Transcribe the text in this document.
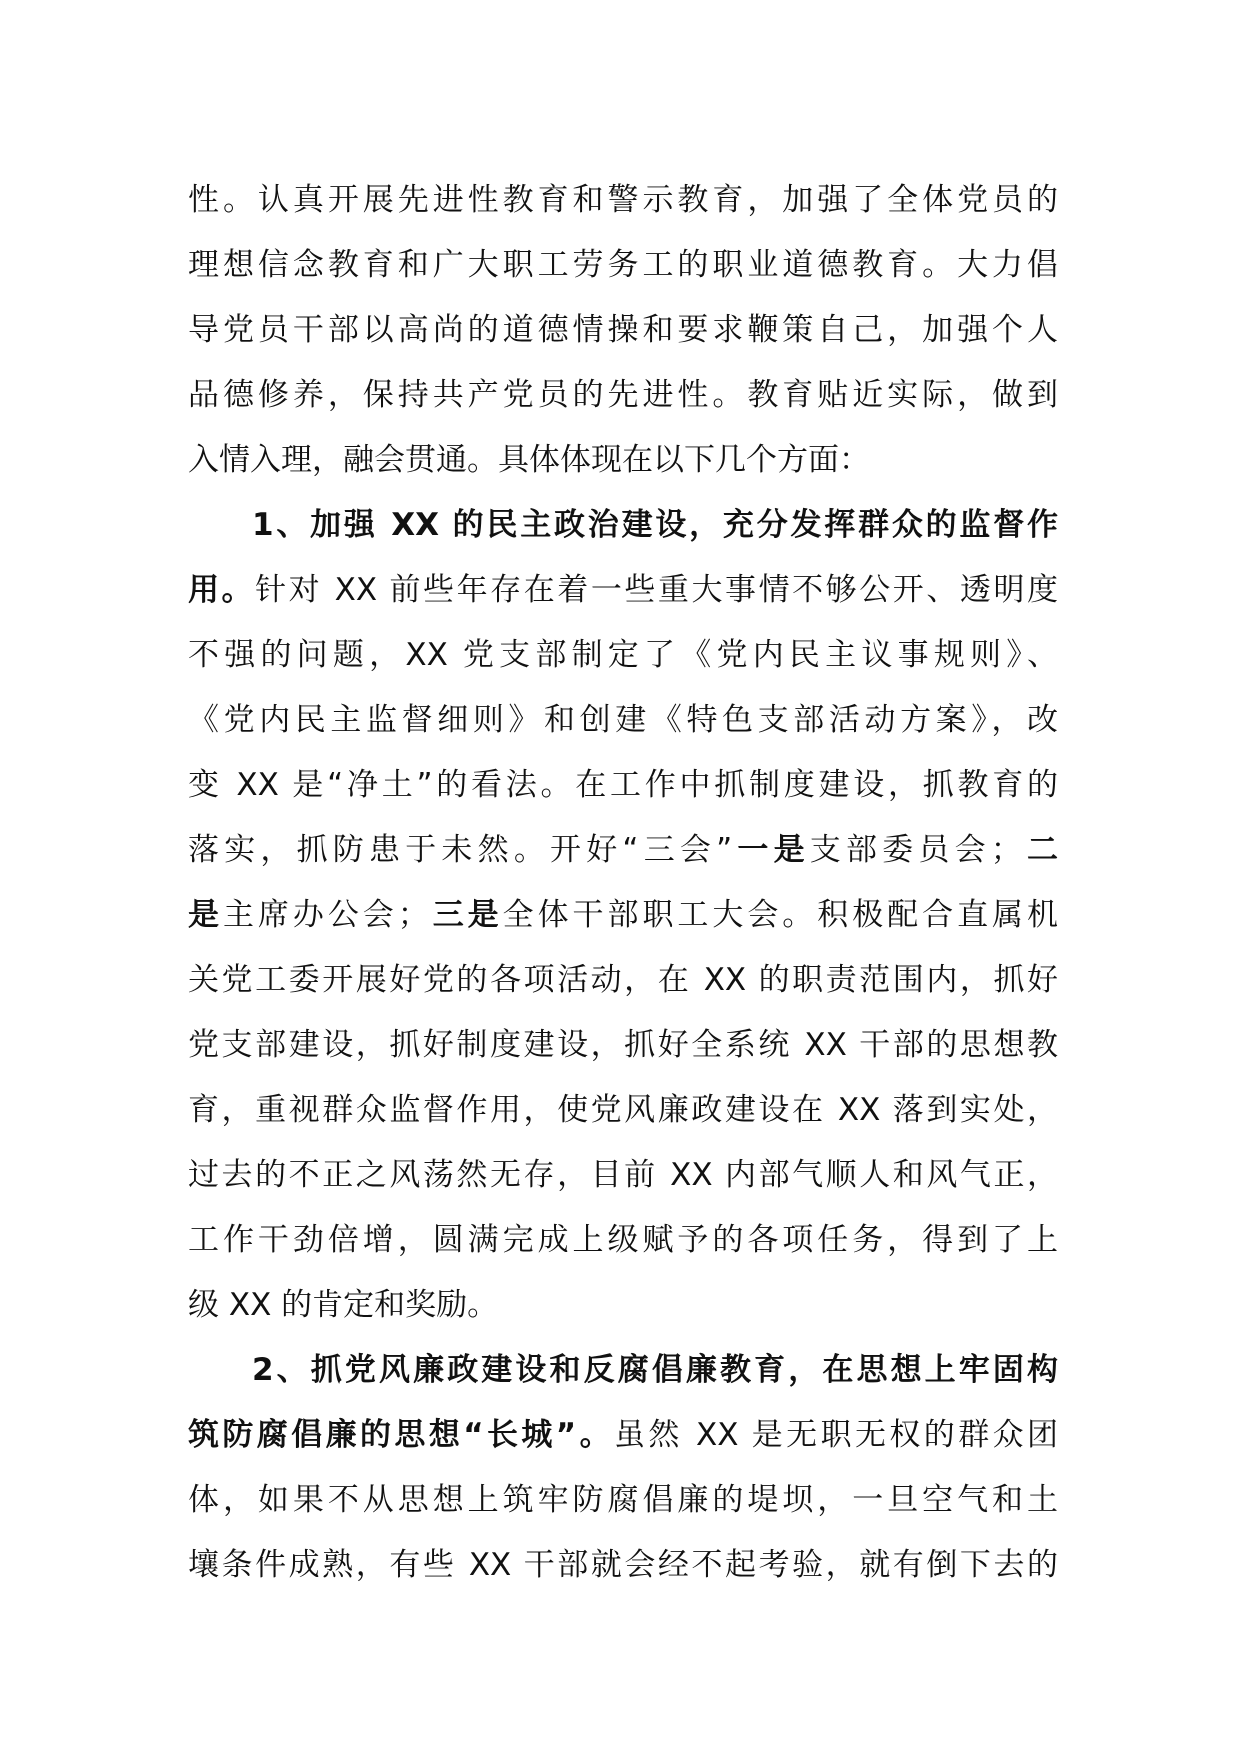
性。认真开展先进性教育和警示教育，加强了全体党员的
理想信念教育和广大职工劳务工的职业道德教育。大力倡
导党员干部以高尚的道德情操和要求鞭策自己，加强个人
品德修养，保持共产党员的先进性。教育贴近实际，做到
入情入理，融会贯通。具体体现在以下几个方面：
1、加强 XX 的民主政治建设，充分发挥群众的监督作
用。针对 XX 前些年存在着一些重大事情不够公开、透明度
不强的问题，XX 党支部制定了《党内民主议事规则》、
《党内民主监督细则》和创建《特色支部活动方案》，改
变 XX 是“净土”的看法。在工作中抓制度建设，抓教育的
落实，抓防患于未然。开好“三会”一是支部委员会；二
是主席办公会；三是全体干部职工大会。积极配合直属机
关党工委开展好党的各项活动，在 XX 的职责范围内，抓好
党支部建设，抓好制度建设，抓好全系统 XX 干部的思想教
育，重视群众监督作用，使党风廉政建设在 XX 落到实处，
过去的不正之风荡然无存，目前 XX 内部气顺人和风气正，
工作干劲倍增，圆满完成上级赋予的各项任务，得到了上
级 XX 的肯定和奖励。
2、抓党风廉政建设和反腐倡廉教育，在思想上牢固构
筑防腐倡廉的思想“长城”。虽然 XX 是无职无权的群众团
体，如果不从思想上筑牢防腐倡廉的堤坝，一旦空气和土
壤条件成熟，有些 XX 干部就会经不起考验，就有倒下去的
